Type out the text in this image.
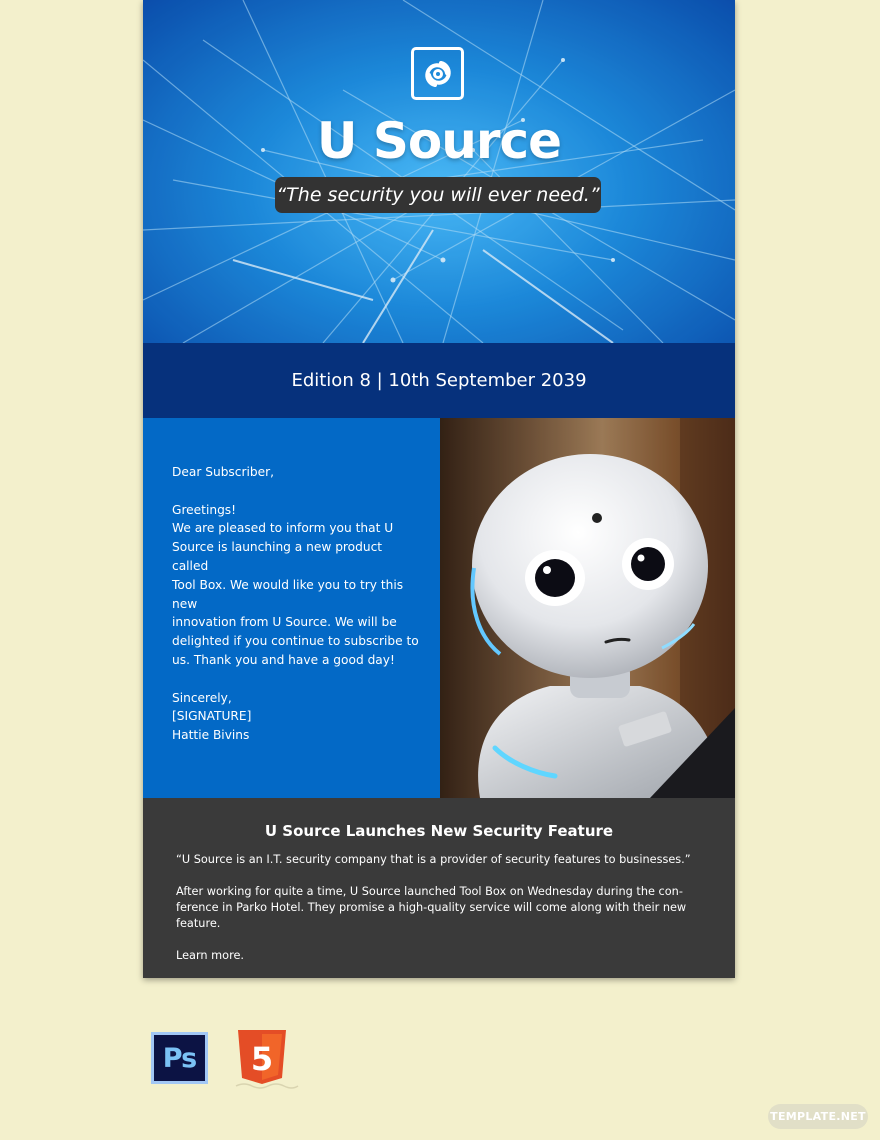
U Source
“The security you will ever need.”
Edition 8 | 10th September 2039

Dear Subscriber,

Greetings!

We are pleased to inform you that U

Source is launching a new product called

Tool Box. We would like you to try this new

innovation from U Source. We will be

delighted if you continue to subscribe to

us. Thank you and have a good day!

Sincerely,

[SIGNATURE]

Hattie Bivins

U Source Launches New Security Feature

“U Source is an I.T. security company that is a provider of security features to businesses.”

After working for quite a time, U Source launched Tool Box on Wednesday during the con-

ference in Parko Hotel. They promise a high-quality service will come along with their new

feature.

Learn more.

Ps 5
TEMPLATE.NET
